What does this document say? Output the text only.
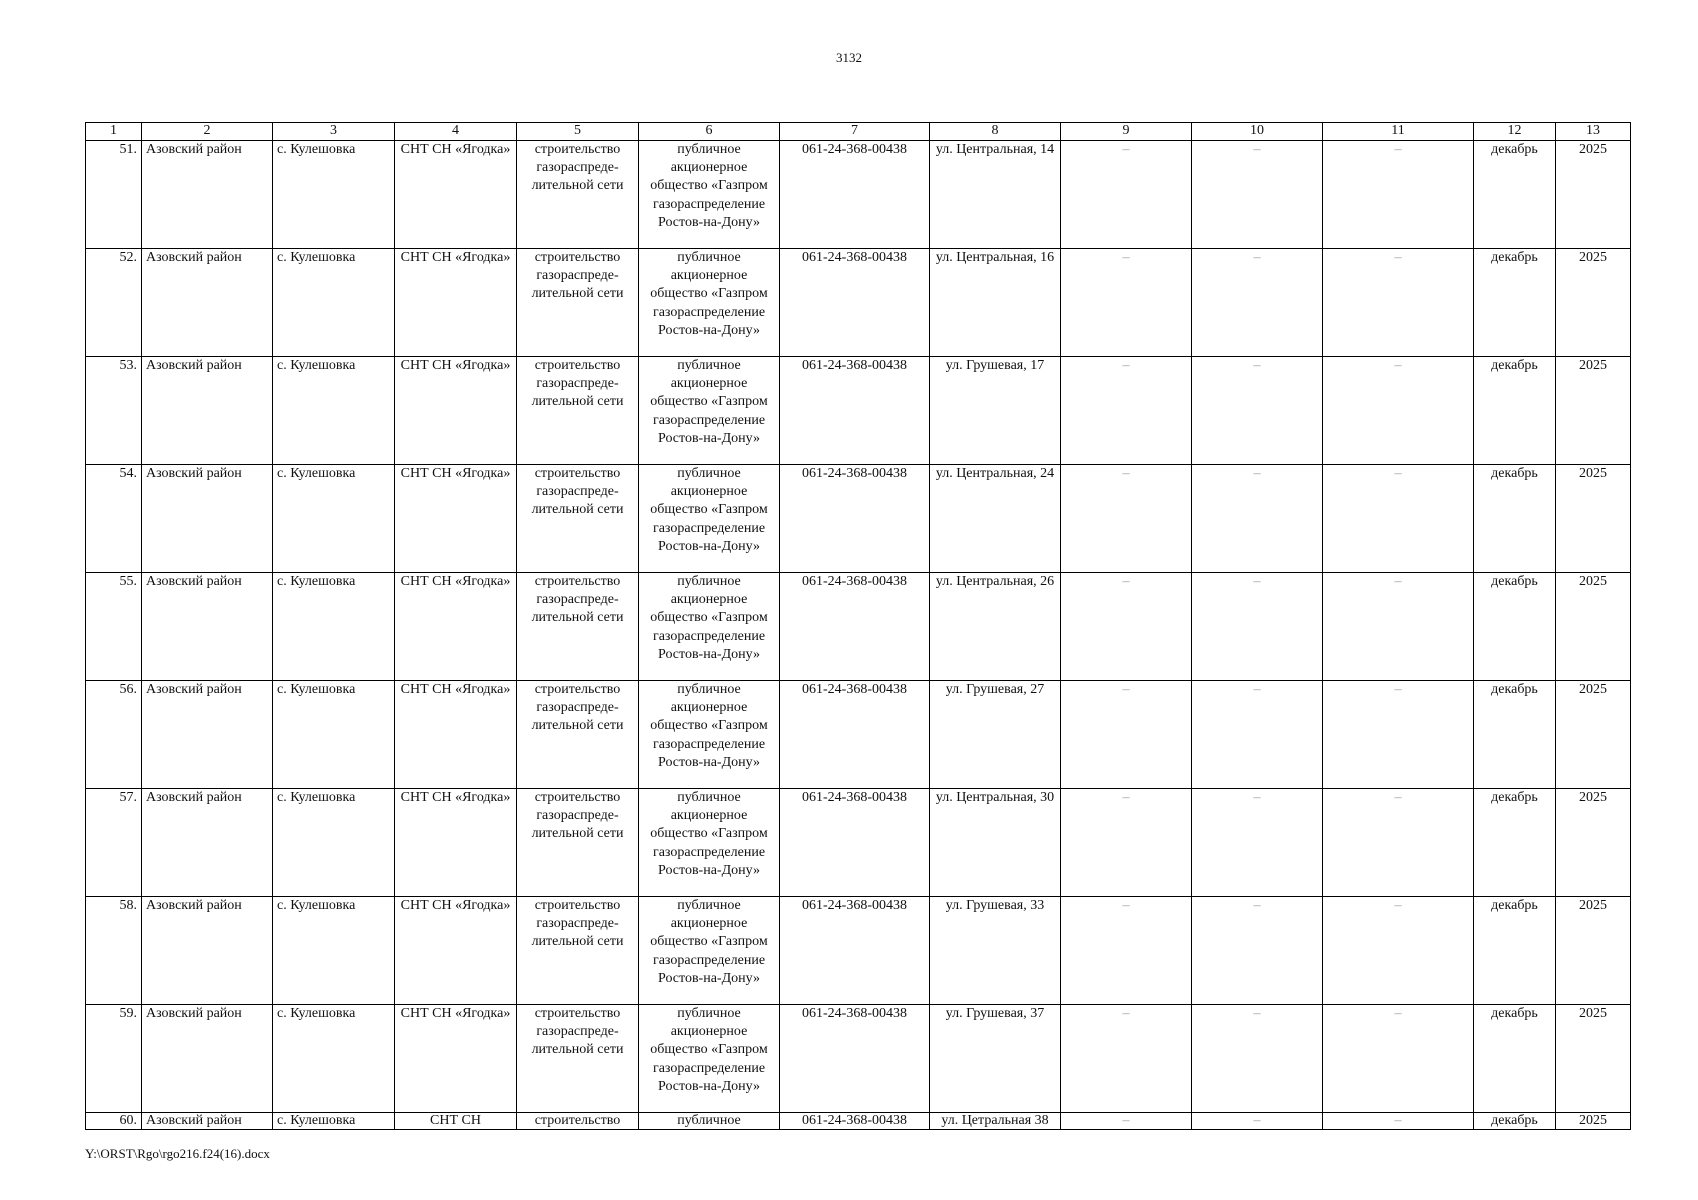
3132
1	2	3	4	5	6	7	8	9	10	11	12	13
51.	Азовский район	с. Кулешовка	СНТ СН «Ягодка»	строительство газораспреде-лительной сети	публичное акционерное общество «Газпром газораспределение Ростов-на-Дону»	061-24-368-00438	ул. Центральная, 14	–	–	–	декабрь	2025
52.	Азовский район	с. Кулешовка	СНТ СН «Ягодка»	строительство газораспреде-лительной сети	публичное акционерное общество «Газпром газораспределение Ростов-на-Дону»	061-24-368-00438	ул. Центральная, 16	–	–	–	декабрь	2025
53.	Азовский район	с. Кулешовка	СНТ СН «Ягодка»	строительство газораспреде-лительной сети	публичное акционерное общество «Газпром газораспределение Ростов-на-Дону»	061-24-368-00438	ул. Грушевая, 17	–	–	–	декабрь	2025
54.	Азовский район	с. Кулешовка	СНТ СН «Ягодка»	строительство газораспреде-лительной сети	публичное акционерное общество «Газпром газораспределение Ростов-на-Дону»	061-24-368-00438	ул. Центральная, 24	–	–	–	декабрь	2025
55.	Азовский район	с. Кулешовка	СНТ СН «Ягодка»	строительство газораспреде-лительной сети	публичное акционерное общество «Газпром газораспределение Ростов-на-Дону»	061-24-368-00438	ул. Центральная, 26	–	–	–	декабрь	2025
56.	Азовский район	с. Кулешовка	СНТ СН «Ягодка»	строительство газораспреде-лительной сети	публичное акционерное общество «Газпром газораспределение Ростов-на-Дону»	061-24-368-00438	ул. Грушевая, 27	–	–	–	декабрь	2025
57.	Азовский район	с. Кулешовка	СНТ СН «Ягодка»	строительство газораспреде-лительной сети	публичное акционерное общество «Газпром газораспределение Ростов-на-Дону»	061-24-368-00438	ул. Центральная, 30	–	–	–	декабрь	2025
58.	Азовский район	с. Кулешовка	СНТ СН «Ягодка»	строительство газораспреде-лительной сети	публичное акционерное общество «Газпром газораспределение Ростов-на-Дону»	061-24-368-00438	ул. Грушевая, 33	–	–	–	декабрь	2025
59.	Азовский район	с. Кулешовка	СНТ СН «Ягодка»	строительство газораспреде-лительной сети	публичное акционерное общество «Газпром газораспределение Ростов-на-Дону»	061-24-368-00438	ул. Грушевая, 37	–	–	–	декабрь	2025
60.	Азовский район	с. Кулешовка	СНТ СН	строительство	публичное	061-24-368-00438	ул. Цетральная 38	–	–	–	декабрь	2025
Y:\ORST\Rgo\rgo216.f24(16).docx
